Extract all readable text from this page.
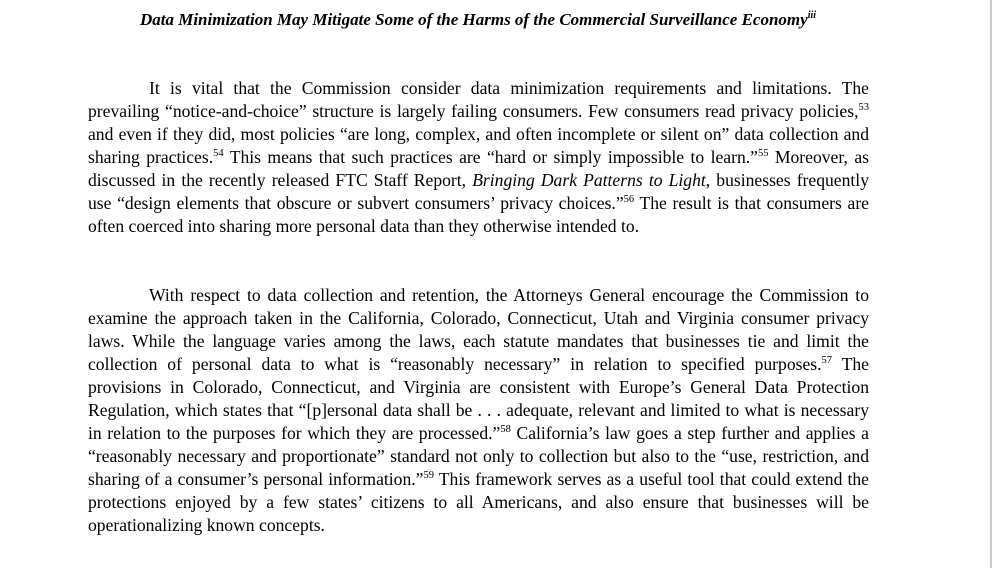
Data Minimization May Mitigate Some of the Harms of the Commercial Surveillance Economy$^{iii}$

It is vital that the Commission consider data minimization requirements and limitations. The prevailing “notice-and-choice” structure is largely failing consumers. Few consumers read privacy policies,$^{53}$ and even if they did, most policies “are long, complex, and often incomplete or silent on” data collection and sharing practices.$^{54}$ This means that such practices are “hard or simply impossible to learn.”$^{55}$ Moreover, as discussed in the recently released FTC Staff Report, Bringing Dark Patterns to Light, businesses frequently use “design elements that obscure or subvert consumers’ privacy choices.”$^{56}$ The result is that consumers are often coerced into sharing more personal data than they otherwise intended to.

With respect to data collection and retention, the Attorneys General encourage the Commission to examine the approach taken in the California, Colorado, Connecticut, Utah and Virginia consumer privacy laws. While the language varies among the laws, each statute mandates that businesses tie and limit the collection of personal data to what is “reasonably necessary” in relation to specified purposes.$^{57}$ The provisions in Colorado, Connecticut, and Virginia are consistent with Europe’s General Data Protection Regulation, which states that “[p]ersonal data shall be . . . adequate, relevant and limited to what is necessary in relation to the purposes for which they are processed.”$^{58}$ California’s law goes a step further and applies a “reasonably necessary and proportionate” standard not only to collection but also to the “use, restriction, and sharing of a consumer’s personal information.”$^{59}$ This framework serves as a useful tool that could extend the protections enjoyed by a few states’ citizens to all Americans, and also ensure that businesses will be operationalizing known concepts.
